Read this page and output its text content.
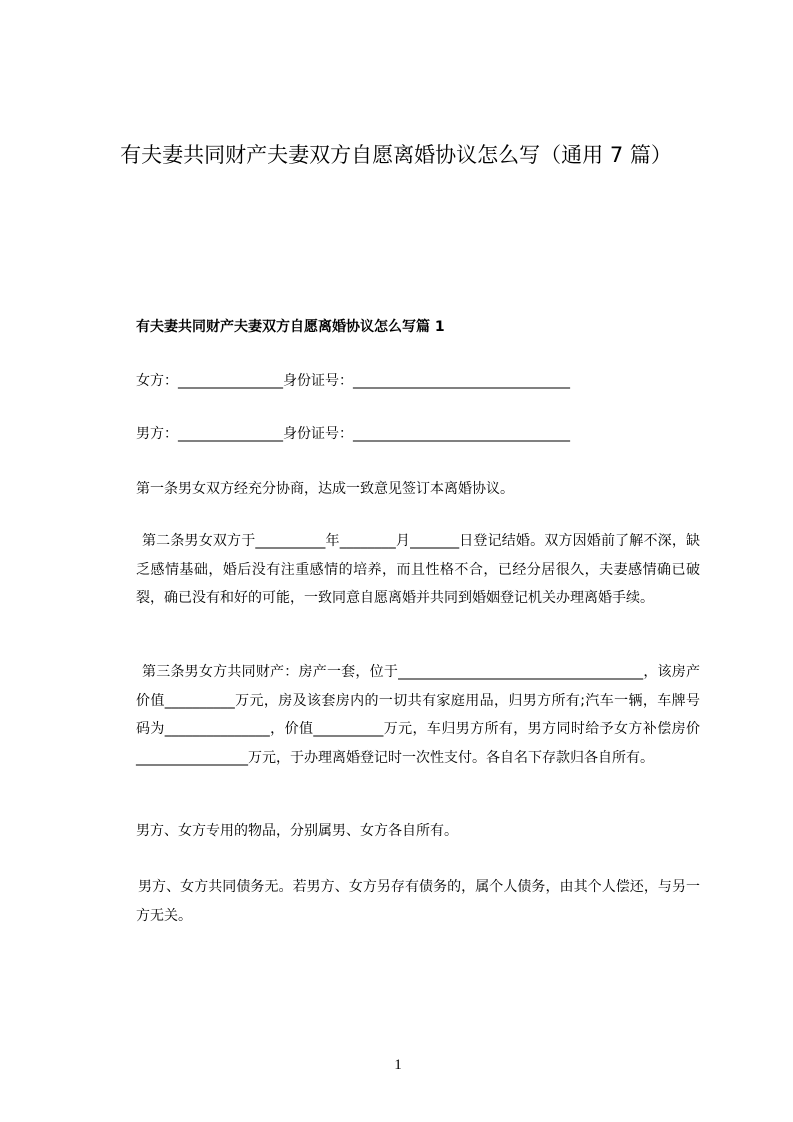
有夫妻共同财产夫妻双方自愿离婚协议怎么写（通用 7 篇）
有夫妻共同财产夫妻双方自愿离婚协议怎么写篇 1

女方：_______________身份证号：_______________________________

男方：_______________身份证号：_______________________________

第一条男女双方经充分协商，达成一致意见签订本离婚协议。

第二条男女双方于__________年________月_______日登记结婚。双方因婚前了解不深，缺乏感情基础，婚后没有注重感情的培养，而且性格不合，已经分居很久，夫妻感情确已破裂，确已没有和好的可能，一致同意自愿离婚并共同到婚姻登记机关办理离婚手续。

第三条男女方共同财产：房产一套，位于___________________________________，该房产价值__________万元，房及该套房内的一切共有家庭用品，归男方所有;汽车一辆，车牌号码为_______________，价值__________万元，车归男方所有，男方同时给予女方补偿房价________________万元，于办理离婚登记时一次性支付。各自名下存款归各自所有。

男方、女方专用的物品，分别属男、女方各自所有。

男方、女方共同债务无。若男方、女方另存有债务的，属个人债务，由其个人偿还，与另一方无关。

1
